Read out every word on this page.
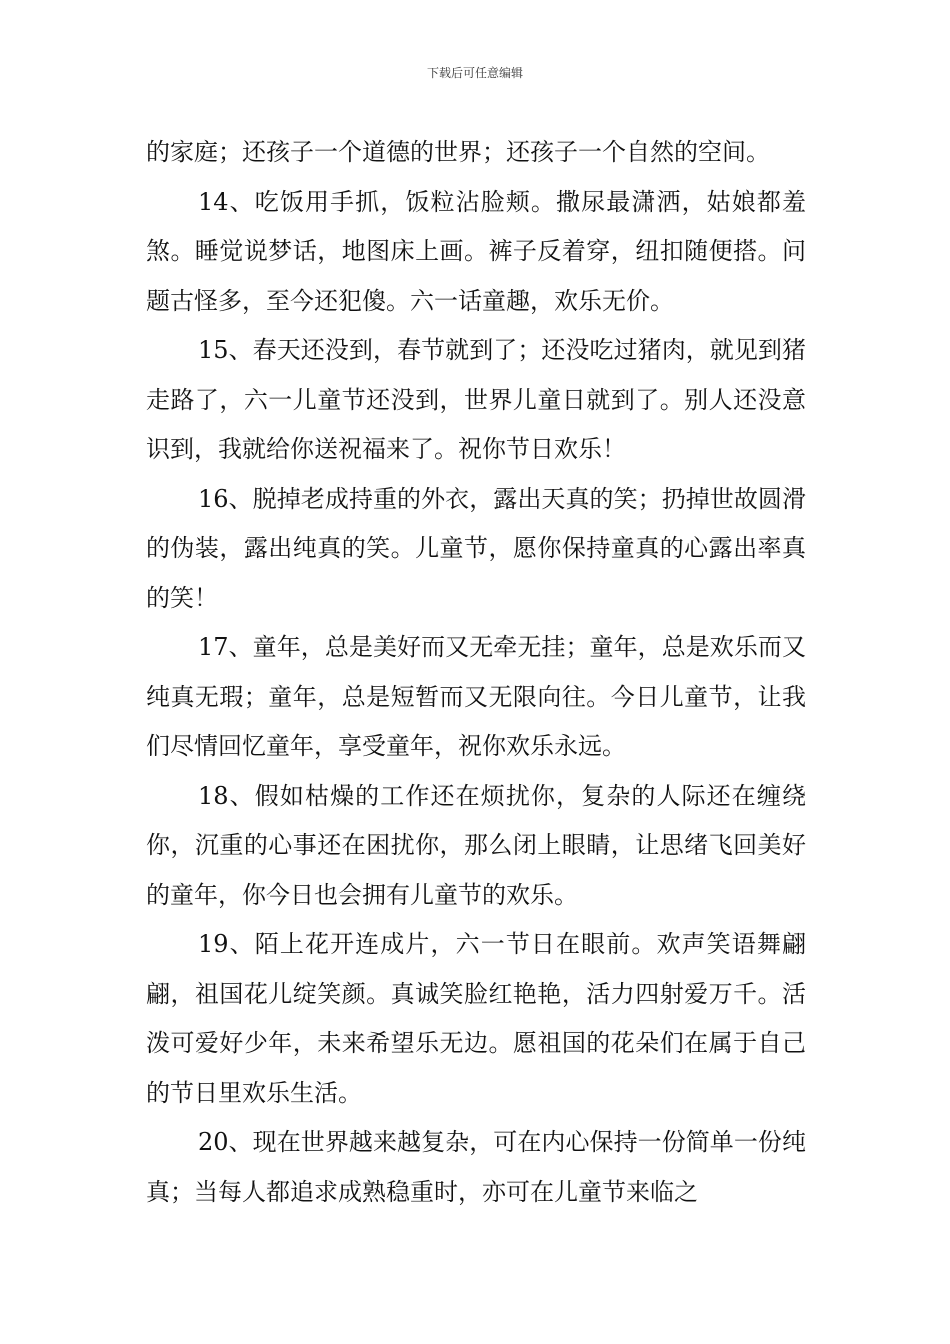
下载后可任意编辑

的家庭；还孩子一个道德的世界；还孩子一个自然的空间。

14、吃饭用手抓，饭粒沾脸颊。撒尿最潇洒，姑娘都羞煞。睡觉说梦话，地图床上画。裤子反着穿，纽扣随便搭。问题古怪多，至今还犯傻。六一话童趣，欢乐无价。

15、春天还没到，春节就到了；还没吃过猪肉，就见到猪走路了，六一儿童节还没到，世界儿童日就到了。别人还没意识到，我就给你送祝福来了。祝你节日欢乐！

16、脱掉老成持重的外衣，露出天真的笑；扔掉世故圆滑的伪装，露出纯真的笑。儿童节，愿你保持童真的心露出率真的笑！

17、童年，总是美好而又无牵无挂；童年，总是欢乐而又纯真无瑕；童年，总是短暂而又无限向往。今日儿童节，让我们尽情回忆童年，享受童年，祝你欢乐永远。

18、假如枯燥的工作还在烦扰你，复杂的人际还在缠绕你，沉重的心事还在困扰你，那么闭上眼睛，让思绪飞回美好的童年，你今日也会拥有儿童节的欢乐。

19、陌上花开连成片，六一节日在眼前。欢声笑语舞翩翩，祖国花儿绽笑颜。真诚笑脸红艳艳，活力四射爱万千。活泼可爱好少年，未来希望乐无边。愿祖国的花朵们在属于自己的节日里欢乐生活。

20、现在世界越来越复杂，可在内心保持一份简单一份纯真；当每人都追求成熟稳重时，亦可在儿童节来临之
